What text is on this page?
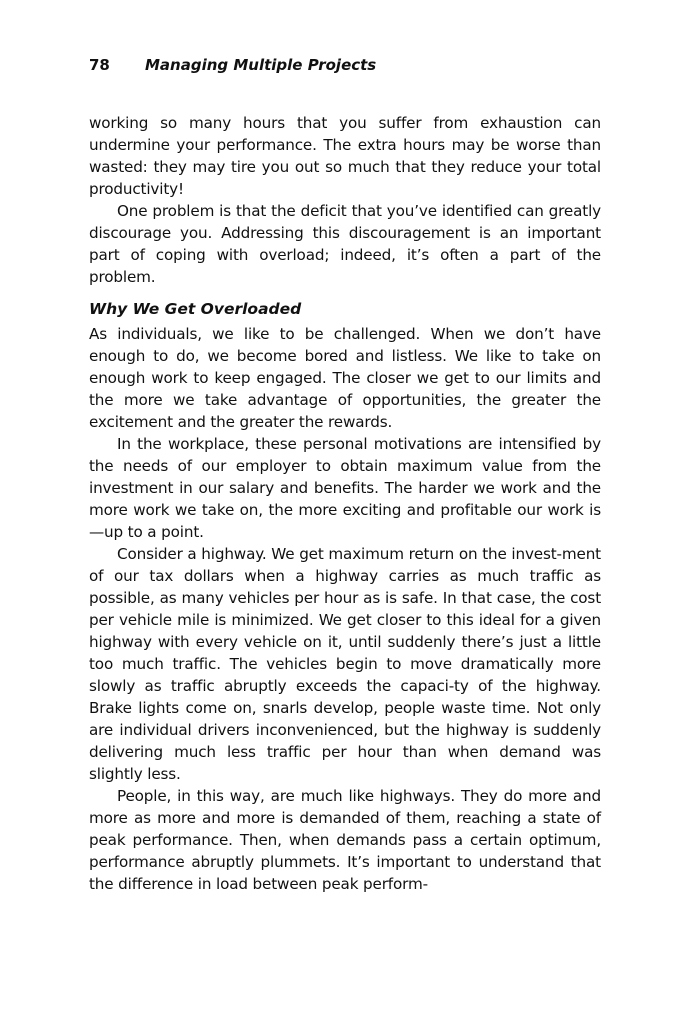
78 Managing Multiple Projects

working so many hours that you suffer from exhaustion can undermine your performance. The extra hours may be worse than wasted: they may tire you out so much that they reduce your total productivity!

One problem is that the deficit that you’ve identified can greatly discourage you. Addressing this discouragement is an important part of coping with overload; indeed, it’s often a part of the problem.

Why We Get Overloaded

As individuals, we like to be challenged. When we don’t have enough to do, we become bored and listless. We like to take on enough work to keep engaged. The closer we get to our limits and the more we take advantage of opportunities, the greater the excitement and the greater the rewards.

In the workplace, these personal motivations are intensified by the needs of our employer to obtain maximum value from the investment in our salary and benefits. The harder we work and the more work we take on, the more exciting and profitable our work is—up to a point.

Consider a highway. We get maximum return on the invest-ment of our tax dollars when a highway carries as much traffic as possible, as many vehicles per hour as is safe. In that case, the cost per vehicle mile is minimized. We get closer to this ideal for a given highway with every vehicle on it, until suddenly there’s just a little too much traffic. The vehicles begin to move dramatically more slowly as traffic abruptly exceeds the capaci-ty of the highway. Brake lights come on, snarls develop, people waste time. Not only are individual drivers inconvenienced, but the highway is suddenly delivering much less traffic per hour than when demand was slightly less.

People, in this way, are much like highways. They do more and more as more and more is demanded of them, reaching a state of peak performance. Then, when demands pass a certain optimum, performance abruptly plummets. It’s important to understand that the difference in load between peak perform-
